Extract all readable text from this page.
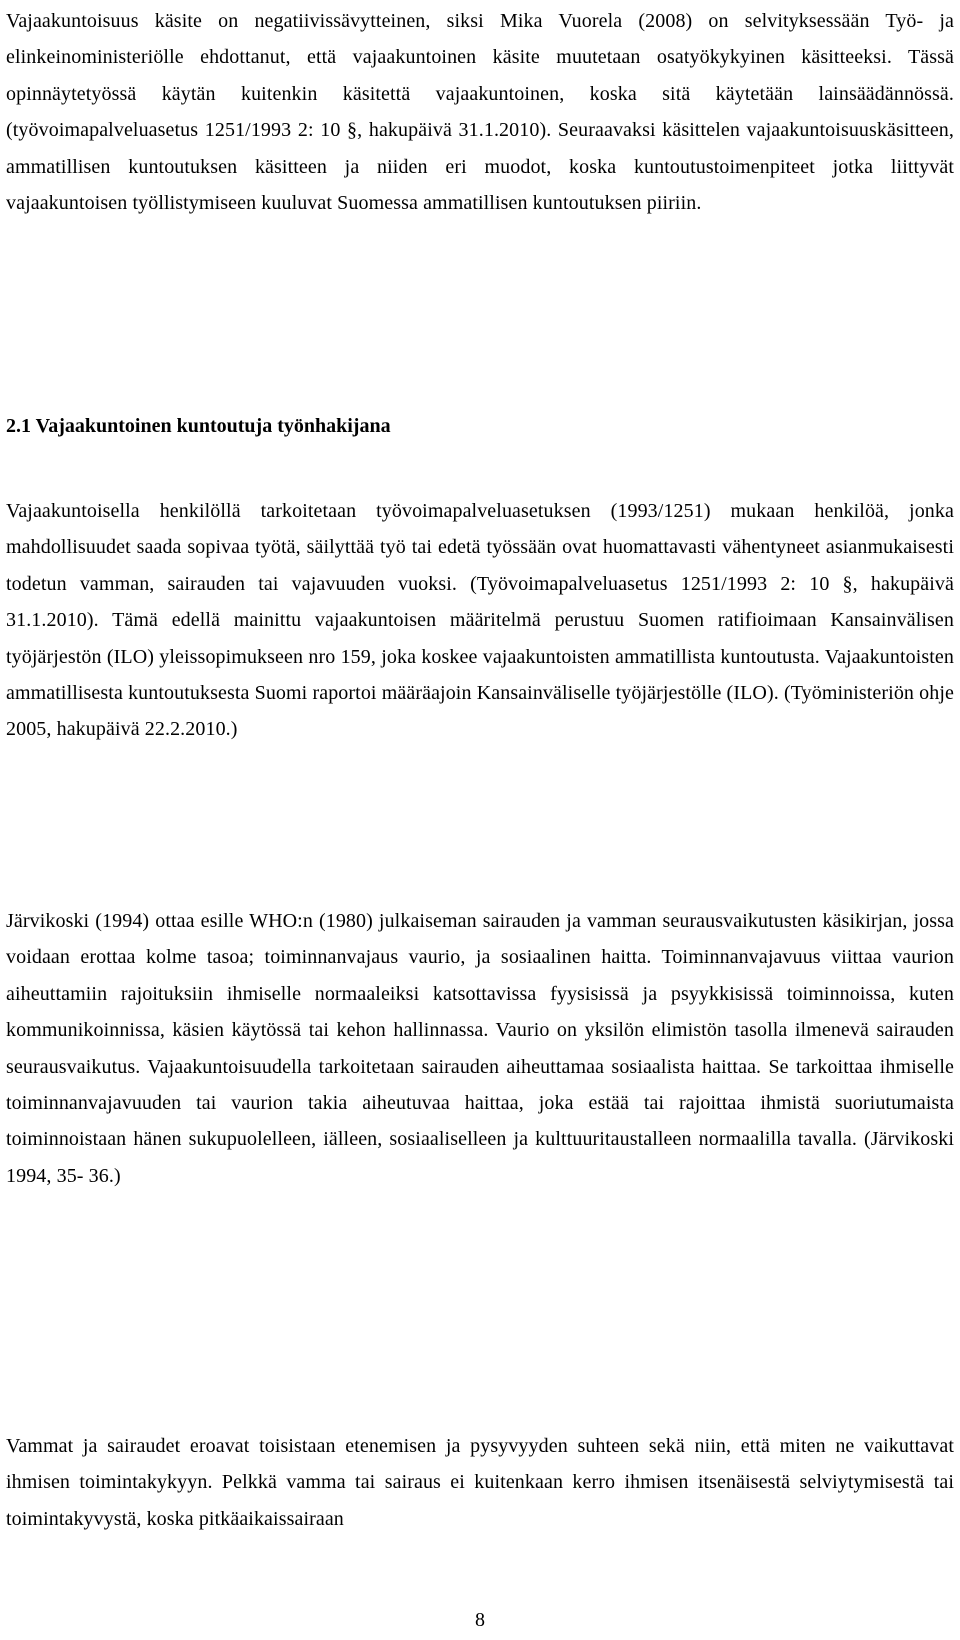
Vajaakuntoisuus käsite on negatiivissävytteinen, siksi Mika Vuorela (2008) on selvityksessään Työ- ja elinkeinoministeriölle ehdottanut, että vajaakuntoinen käsite muutetaan osatyökykyinen käsitteeksi. Tässä opinnäytetyössä käytän kuitenkin käsitettä vajaakuntoinen, koska sitä käytetään lainsäädännössä.(työvoimapalveluasetus 1251/1993 2: 10 §, hakupäivä 31.1.2010). Seuraavaksi käsittelen vajaakuntoisuuskäsitteen, ammatillisen kuntoutuksen käsitteen ja niiden eri muodot, koska kuntoutustoimenpiteet jotka liittyvät vajaakuntoisen työllistymiseen kuuluvat Suomessa ammatillisen kuntoutuksen piiriin.

2.1 Vajaakuntoinen kuntoutuja työnhakijana

Vajaakuntoisella henkilöllä tarkoitetaan työvoimapalveluasetuksen (1993/1251) mukaan henkilöä, jonka mahdollisuudet saada sopivaa työtä, säilyttää työ tai edetä työssään ovat huomattavasti vähentyneet asianmukaisesti todetun vamman, sairauden tai vajavuuden vuoksi. (Työvoimapalveluasetus 1251/1993 2: 10 §, hakupäivä 31.1.2010). Tämä edellä mainittu vajaakuntoisen määritelmä perustuu Suomen ratifioimaan Kansainvälisen työjärjestön (ILO) yleissopimukseen nro 159, joka koskee vajaakuntoisten ammatillista kuntoutusta. Vajaakuntoisten ammatillisesta kuntoutuksesta Suomi raportoi määräajoin Kansainväliselle työjärjestölle (ILO). (Työministeriön ohje 2005, hakupäivä 22.2.2010.)

Järvikoski (1994) ottaa esille WHO:n (1980) julkaiseman sairauden ja vamman seurausvaikutusten käsikirjan, jossa voidaan erottaa kolme tasoa; toiminnanvajaus vaurio, ja sosiaalinen haitta. Toiminnanvajavuus viittaa vaurion aiheuttamiin rajoituksiin ihmiselle normaaleiksi katsottavissa fyysisissä ja psyykkisissä toiminnoissa, kuten kommunikoinnissa, käsien käytössä tai kehon hallinnassa. Vaurio on yksilön elimistön tasolla ilmenevä sairauden seurausvaikutus. Vajaakuntoisuudella tarkoitetaan sairauden aiheuttamaa sosiaalista haittaa. Se tarkoittaa ihmiselle toiminnanvajavuuden tai vaurion takia aiheutuvaa haittaa, joka estää tai rajoittaa ihmistä suoriutumaista toiminnoistaan hänen sukupuolelleen, iälleen, sosiaaliselleen ja kulttuuritaustalleen normaalilla tavalla. (Järvikoski 1994, 35- 36.)

Vammat ja sairaudet eroavat toisistaan etenemisen ja pysyvyyden suhteen sekä niin, että miten ne vaikuttavat ihmisen toimintakykyyn. Pelkkä vamma tai sairaus ei kuitenkaan kerro ihmisen itsenäisestä selviytymisestä tai toimintakyvystä, koska pitkäaikaissairaan

8
